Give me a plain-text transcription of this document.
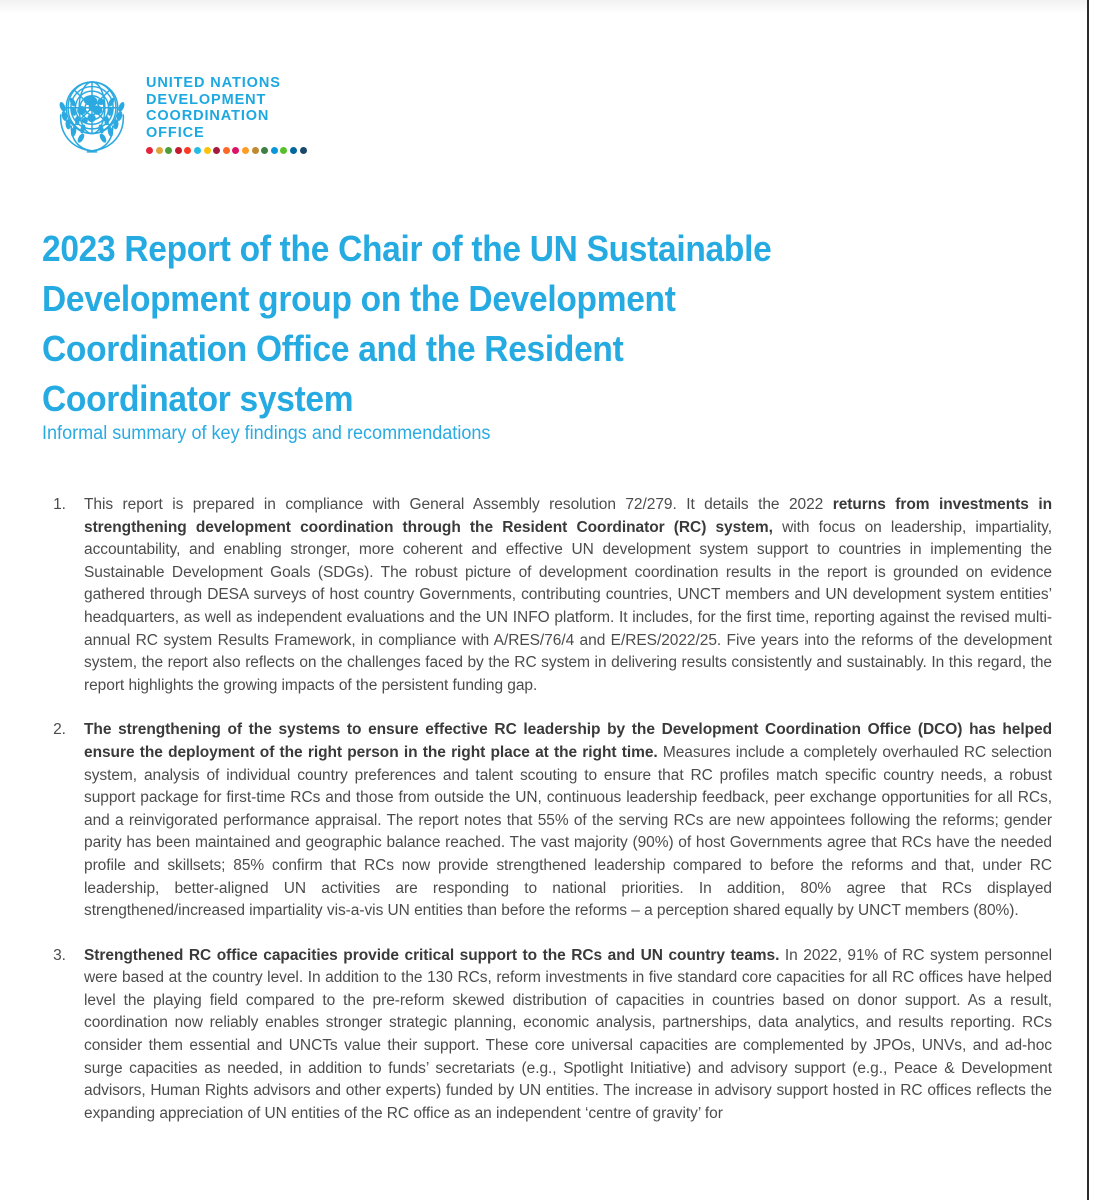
UNITED NATIONS
DEVELOPMENT
COORDINATION
OFFICE
2023 Report of the Chair of the UN Sustainable Development group on the Development Coordination Office and the Resident Coordinator system
Informal summary of key findings and recommendations
1.	This report is prepared in compliance with General Assembly resolution 72/279. It details the 2022 returns from investments in strengthening development coordination through the Resident Coordinator (RC) system, with focus on leadership, impartiality, accountability, and enabling stronger, more coherent and effective UN development system support to countries in implementing the Sustainable Development Goals (SDGs). The robust picture of development coordination results in the report is grounded on evidence gathered through DESA surveys of host country Governments, contributing countries, UNCT members and UN development system entities’ headquarters, as well as independent evaluations and the UN INFO platform. It includes, for the first time, reporting against the revised multi- annual RC system Results Framework, in compliance with A/RES/76/4 and E/RES/2022/25. Five years into the reforms of the development system, the report also reflects on the challenges faced by the RC system in delivering results consistently and sustainably. In this regard, the report highlights the growing impacts of the persistent funding gap.
2.	The strengthening of the systems to ensure effective RC leadership by the Development Coordination Office (DCO) has helped ensure the deployment of the right person in the right place at the right time. Measures include a completely overhauled RC selection system, analysis of individual country preferences and talent scouting to ensure that RC profiles match specific country needs, a robust support package for first-time RCs and those from outside the UN, continuous leadership feedback, peer exchange opportunities for all RCs, and a reinvigorated performance appraisal. The report notes that 55% of the serving RCs are new appointees following the reforms; gender parity has been maintained and geographic balance reached. The vast majority (90%) of host Governments agree that RCs have the needed profile and skillsets; 85% confirm that RCs now provide strengthened leadership compared to before the reforms and that, under RC leadership, better-aligned UN activities are responding to national priorities. In addition, 80% agree that RCs displayed strengthened/increased impartiality vis-a-vis UN entities than before the reforms – a perception shared equally by UNCT members (80%).
3.	Strengthened RC office capacities provide critical support to the RCs and UN country teams. In 2022, 91% of RC system personnel were based at the country level. In addition to the 130 RCs, reform investments in five standard core capacities for all RC offices have helped level the playing field compared to the pre-reform skewed distribution of capacities in countries based on donor support. As a result, coordination now reliably enables stronger strategic planning, economic analysis, partnerships, data analytics, and results reporting. RCs consider them essential and UNCTs value their support. These core universal capacities are complemented by JPOs, UNVs, and ad-hoc surge capacities as needed, in addition to funds’ secretariats (e.g., Spotlight Initiative) and advisory support (e.g., Peace & Development advisors, Human Rights advisors and other experts) funded by UN entities. The increase in advisory support hosted in RC offices reflects the expanding appreciation of UN entities of the RC office as an independent ‘centre of gravity’ for
